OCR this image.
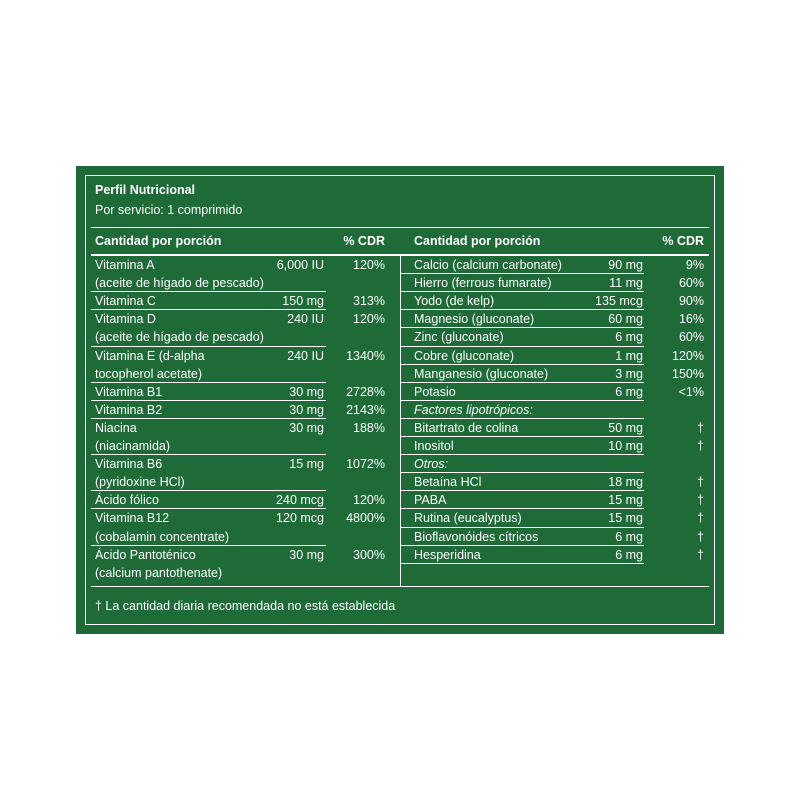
Perfil Nutricional
Por servicio: 1 comprimido
Cantidad por porción	% CDR Cantidad por porción	% CDR
Vitamina A
(aceite de hígado de pescado)
6,000 IU	120%
Vitamina C	150 mg	313%
Vitamina D
(aceite de hígado de pescado)
240 IU	120%
Vitamina E (d-alpha
tocopherol acetate)
240 IU	1340%
Vitamina B1	30 mg	2728%
Vitamina B2	30 mg	2143%
Niacina
(niacinamida)
30 mg	188%
Vitamina B6
(pyridoxine HCl)
15 mg	1072%
Ácido fólico	240 mcg	120%
Vitamina B12
(cobalamin concentrate)
120 mcg	4800%
Ácido Pantoténico
(calcium pantothenate)
30 mg	300%
Calcio (calcium carbonate)	90 mg	9%
Hierro (ferrous fumarate)	11 mg	60%
Yodo (de kelp)	135 mcg	90%
Magnesio (gluconate)	60 mg	16%
Zinc (gluconate)	6 mg	60%
Cobre (gluconate)	1 mg	120%
Manganesio (gluconate)	3 mg	150%
Potasio	6 mg	<1%
Factores lipotrópicos:
Bitartrato de colina	50 mg	†
Inositol	10 mg	†
Otros:
Betaína HCl	18 mg	†
PABA	15 mg	†
Rutina (eucalyptus)	15 mg	†
Bioflavonóides cítricos	6 mg	†
Hesperidina	6 mg	†
† La cantidad diaria recomendada no está establecida
